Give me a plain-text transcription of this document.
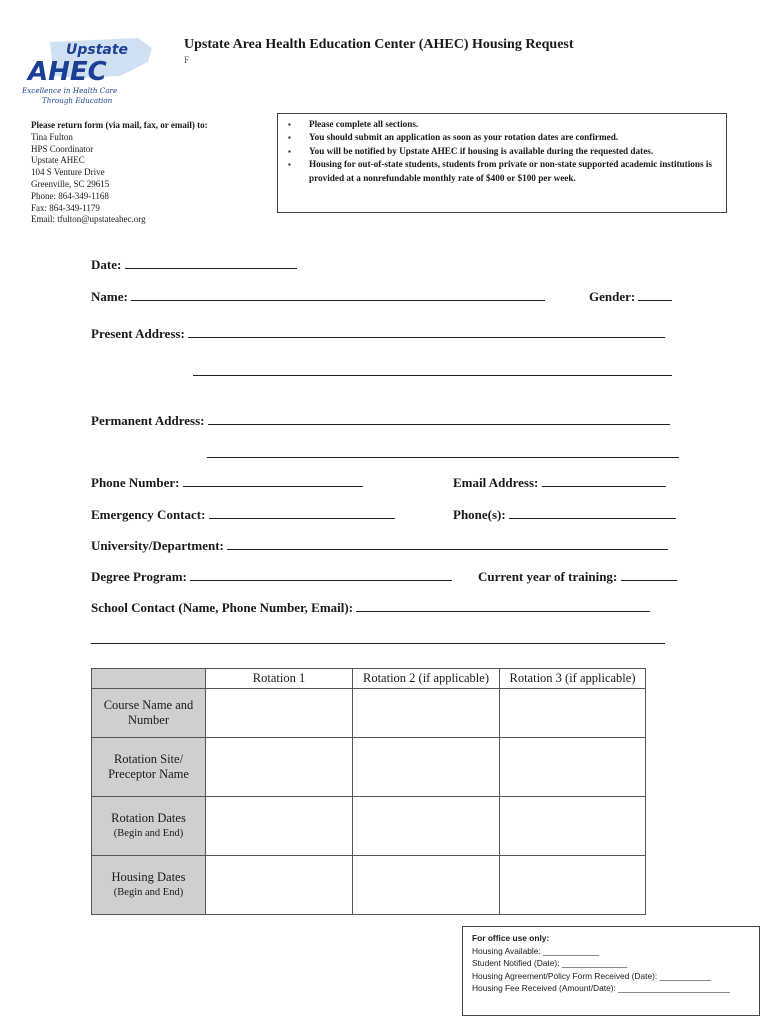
Upstate
AHEC
Excellence in Health Care
Through Education
Upstate Area Health Education Center (AHEC) Housing Request
F
Please return form (via mail, fax, or email) to:
Tina Fulton
HPS Coordinator
Upstate AHEC
104 S Venture Drive
Greenville, SC 29615
Phone: 864-349-1168
Fax: 864-349-1179
Email: tfulton@upstateahec.org
▪ Please complete all sections.
▪ You should submit an application as soon as your rotation dates are confirmed.
▪ You will be notified by Upstate AHEC if housing is available during the requested dates.
▪ Housing for out-of-state students, students from private or non-state supported academic institutions is provided at a nonrefundable monthly rate of $400 or $100 per week.
Date:
Name:	Gender:
Present Address:
Permanent Address:
Phone Number:	Email Address:
Emergency Contact:	Phone(s):
University/Department:
Degree Program:	Current year of training:
School Contact (Name, Phone Number, Email):
	Rotation 1	Rotation 2 (if applicable)	Rotation 3 (if applicable)
Course Name and Number			
Rotation Site/ Preceptor Name			

Rotation Dates
(Begin and End)			

Housing Dates
(Begin and End)			

For office use only:
Housing Available: ____________
Student Notified (Date): ______________
Housing Agreement/Policy Form Received (Date): ___________
Housing Fee Received (Amount/Date): ________________________
